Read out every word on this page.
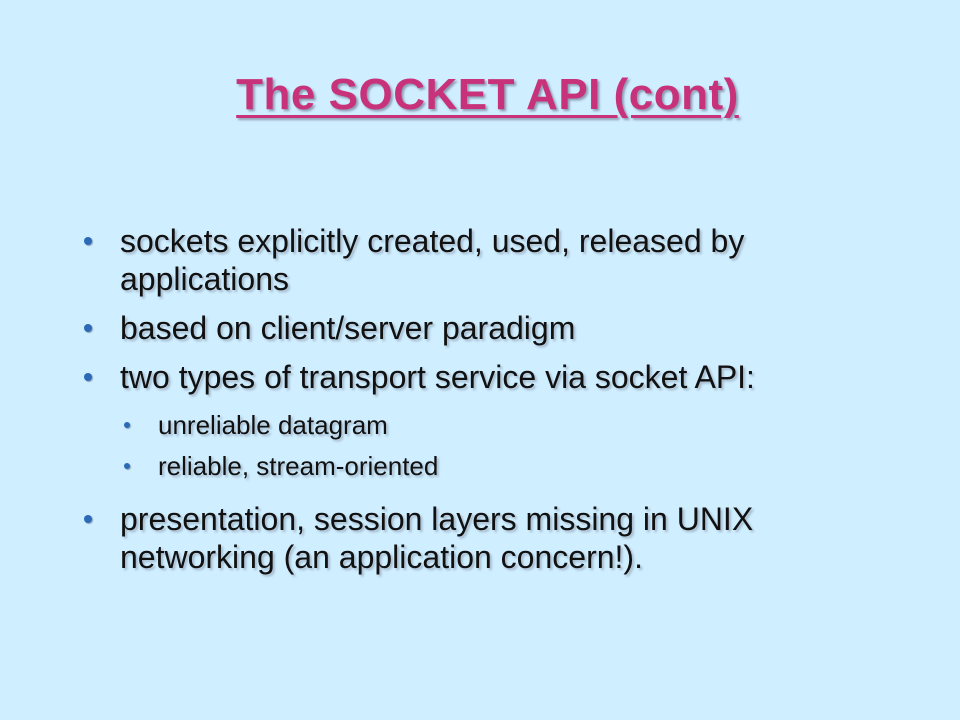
The SOCKET API (cont)
sockets explicitly created, used, released by applications
based on client/server paradigm
two types of transport service via socket API:
unreliable datagram
reliable, stream-oriented
presentation, session layers missing in UNIX networking (an application concern!).
